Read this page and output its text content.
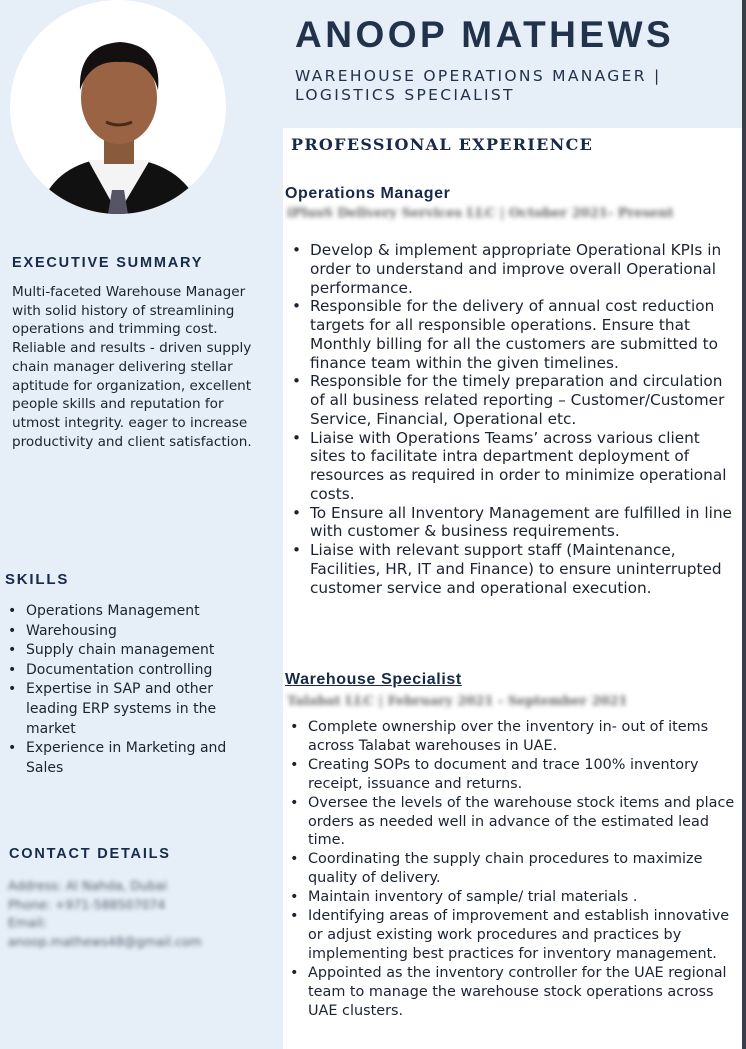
ANOOP MATHEWS
WAREHOUSE OPERATIONS MANAGER | LOGISTICS SPECIALIST
EXECUTIVE SUMMARY
Multi-faceted Warehouse Manager with solid history of streamlining operations and trimming cost. Reliable and results - driven supply chain manager delivering stellar aptitude for organization, excellent people skills and reputation for utmost integrity. eager to increase productivity and client satisfaction.
SKILLS
• Operations Management
• Warehousing
• Supply chain management
• Documentation controlling
• Expertise in SAP and other leading ERP systems in the market
• Experience in Marketing and Sales
CONTACT DETAILS
Address: Al Nahda, Dubai
Phone: +971-588507074
Email:
anoop.mathews48@gmail.com
PROFESSIONAL EXPERIENCE
Operations Manager
iPlusS Delivery Services LLC | October 2021- Present
• Develop & implement appropriate Operational KPIs in order to understand and improve overall Operational performance.
• Responsible for the delivery of annual cost reduction targets for all responsible operations. Ensure that Monthly billing for all the customers are submitted to finance team within the given timelines.
• Responsible for the timely preparation and circulation of all business related reporting – Customer/Customer Service, Financial, Operational etc.
• Liaise with Operations Teams’ across various client sites to facilitate intra department deployment of resources as required in order to minimize operational costs.
• To Ensure all Inventory Management are fulfilled in line with customer & business requirements.
• Liaise with relevant support staff (Maintenance, Facilities, HR, IT and Finance) to ensure uninterrupted customer service and operational execution.
Warehouse Specialist
Talabat LLC | February 2021 - September 2021
• Complete ownership over the inventory in- out of items across Talabat warehouses in UAE.
• Creating SOPs to document and trace 100% inventory receipt, issuance and returns.
• Oversee the levels of the warehouse stock items and place orders as needed well in advance of the estimated lead time.
• Coordinating the supply chain procedures to maximize quality of delivery.
• Maintain inventory of sample/ trial materials .
• Identifying areas of improvement and establish innovative or adjust existing work procedures and practices by implementing best practices for inventory management.
• Appointed as the inventory controller for the UAE regional team to manage the warehouse stock operations across UAE clusters.
